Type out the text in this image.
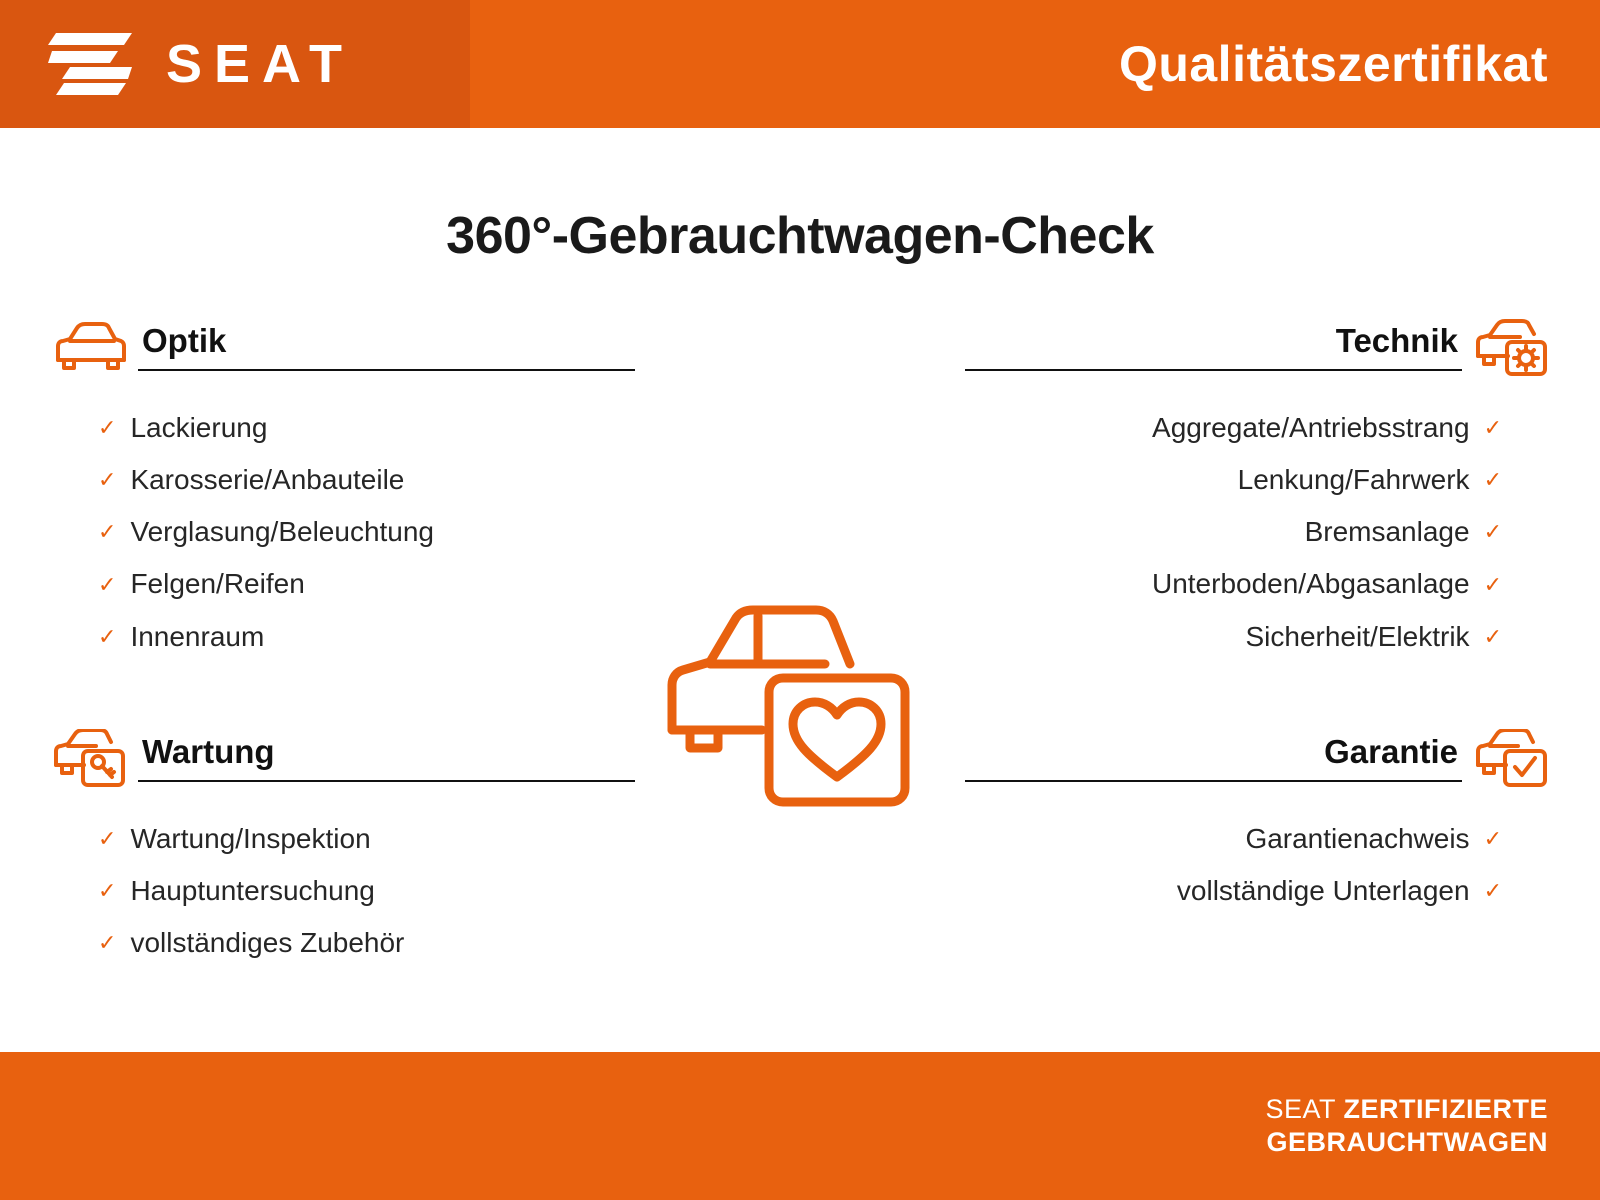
SEAT	Qualitätszertifikat
360°-Gebrauchtwagen-Check
Optik
✓ Lackierung
✓ Karosserie/Anbauteile
✓ Verglasung/Beleuchtung
✓ Felgen/Reifen
✓ Innenraum
Technik
✓
Aggregate/Antriebsstrang
✓
Lenkung/Fahrwerk
✓
Bremsanlage
✓
Unterboden/Abgasanlage
✓
Sicherheit/Elektrik
Wartung
✓ Wartung/Inspektion
✓ Hauptuntersuchung
✓ vollständiges Zubehör
Garantie
✓
Garantienachweis
✓
vollständige Unterlagen
SEAT ZERTIFIZIERTE
GEBRAUCHTWAGEN
